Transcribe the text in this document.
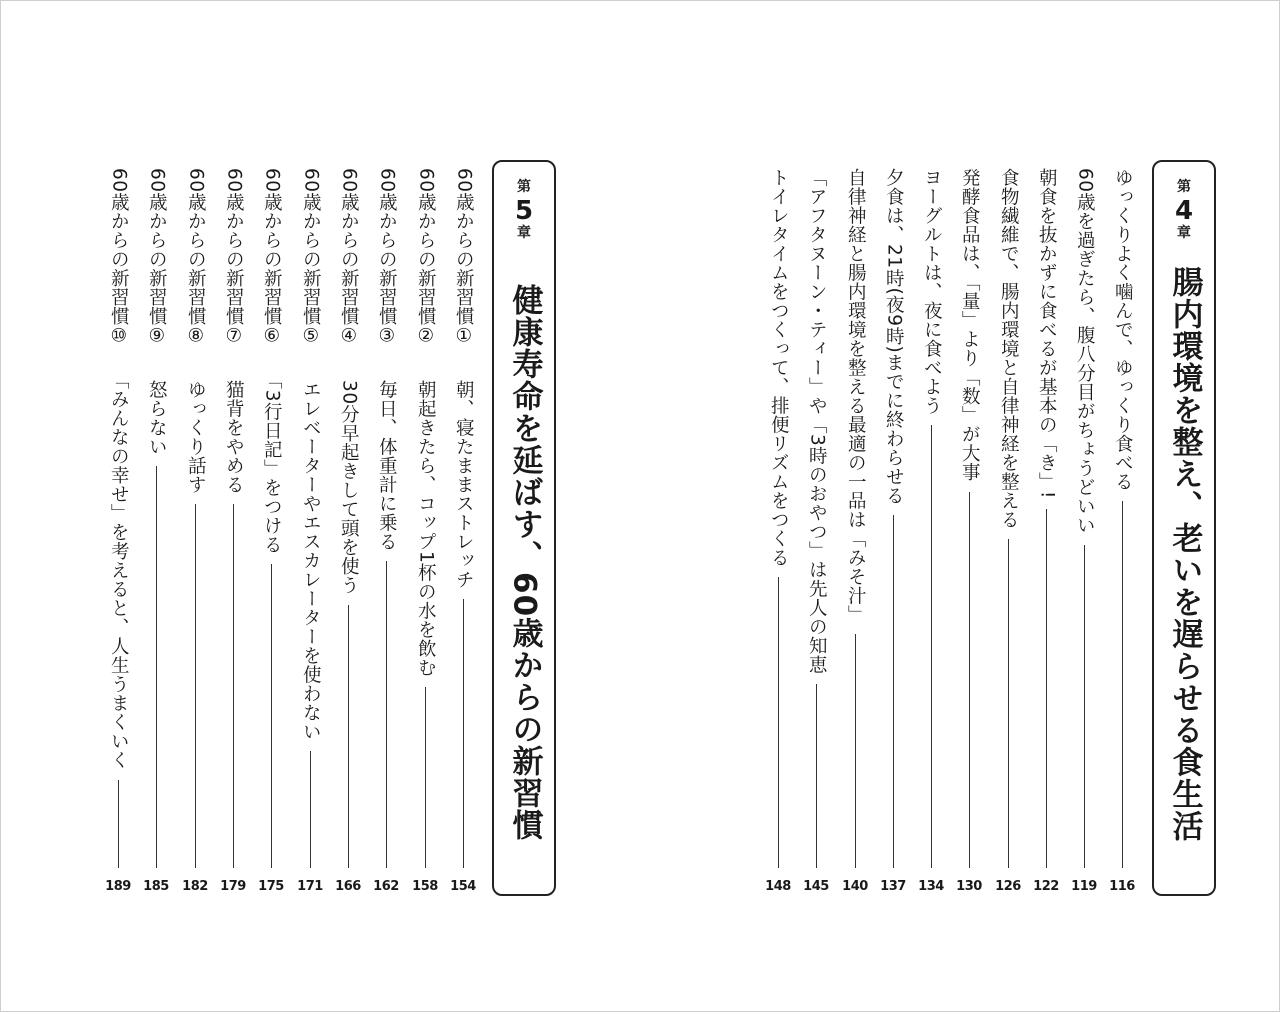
第
5
章
健康寿命を延ばす、60歳からの新習慣
第
4
章
腸内環境を整え、老いを遅らせる食生活
60歳からの新習慣①　朝、寝たままストレッチ
154
60歳からの新習慣②　朝起きたら、コップ1杯の水を飲む
158
60歳からの新習慣③　毎日、体重計に乗る
162
60歳からの新習慣④　30分早起きして頭を使う
166
60歳からの新習慣⑤　エレベーターやエスカレーターを使わない
171
60歳からの新習慣⑥　「3行日記」をつける
175
60歳からの新習慣⑦　猫背をやめる
179
60歳からの新習慣⑧　ゆっくり話す
182
60歳からの新習慣⑨　怒らない
185
60歳からの新習慣⑩　「みんなの幸せ」を考えると、人生うまくいく
189
ゆっくりよく噛んで、ゆっくり食べる
116
60歳を過ぎたら、腹八分目がちょうどいい
119
朝食を抜かずに食べるが基本の「き」!
122
食物繊維で、腸内環境と自律神経を整える
126
発酵食品は、「量」より「数」が大事
130
ヨーグルトは、夜に食べよう
134
夕食は、21時(夜9時)までに終わらせる
137
自律神経と腸内環境を整える最適の一品は「みそ汁」
140
「アフタヌーン・ティー」や「3時のおやつ」は先人の知恵
145
トイレタイムをつくって、排便リズムをつくる
148
